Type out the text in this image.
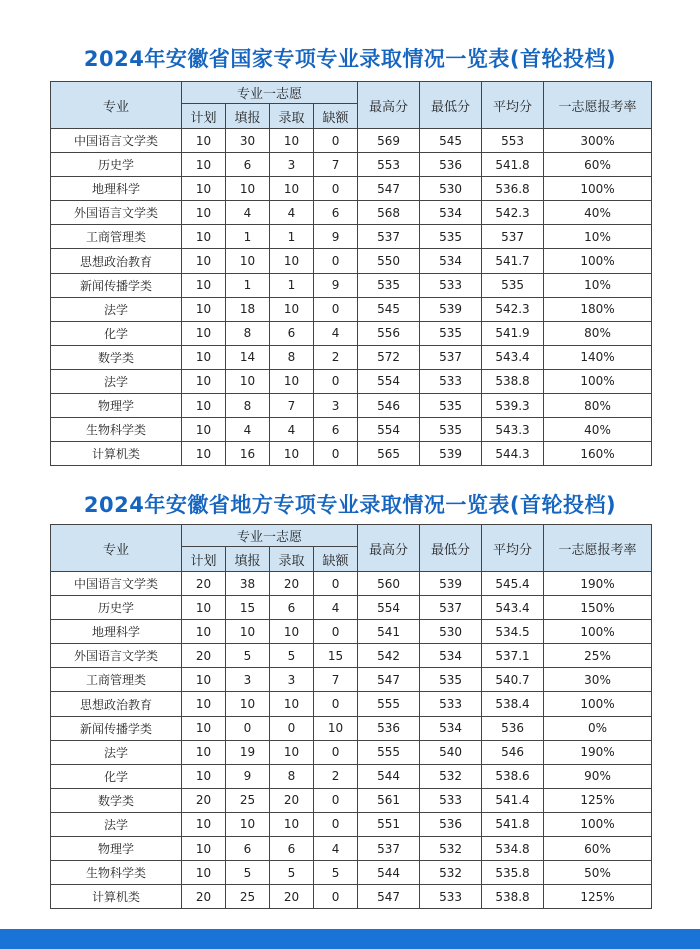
2024年安徽省国家专项专业录取情况一览表(首轮投档)
专业	专业一志愿				最高分	最低分	平均分	一志愿报考率
	计划	填报	录取	缺额				
中国语言文学类	10	30	10	0	569	545	553	300%
历史学	10	6	3	7	553	536	541.8	60%
地理科学	10	10	10	0	547	530	536.8	100%
外国语言文学类	10	4	4	6	568	534	542.3	40%
工商管理类	10	1	1	9	537	535	537	10%
思想政治教育	10	10	10	0	550	534	541.7	100%
新闻传播学类	10	1	1	9	535	533	535	10%
法学	10	18	10	0	545	539	542.3	180%
化学	10	8	6	4	556	535	541.9	80%
数学类	10	14	8	2	572	537	543.4	140%
法学	10	10	10	0	554	533	538.8	100%
物理学	10	8	7	3	546	535	539.3	80%
生物科学类	10	4	4	6	554	535	543.3	40%
计算机类	10	16	10	0	565	539	544.3	160%
2024年安徽省地方专项专业录取情况一览表(首轮投档)
专业	专业一志愿				最高分	最低分	平均分	一志愿报考率
	计划	填报	录取	缺额				
中国语言文学类	20	38	20	0	560	539	545.4	190%
历史学	10	15	6	4	554	537	543.4	150%
地理科学	10	10	10	0	541	530	534.5	100%
外国语言文学类	20	5	5	15	542	534	537.1	25%
工商管理类	10	3	3	7	547	535	540.7	30%
思想政治教育	10	10	10	0	555	533	538.4	100%
新闻传播学类	10	0	0	10	536	534	536	0%
法学	10	19	10	0	555	540	546	190%
化学	10	9	8	2	544	532	538.6	90%
数学类	20	25	20	0	561	533	541.4	125%
法学	10	10	10	0	551	536	541.8	100%
物理学	10	6	6	4	537	532	534.8	60%
生物科学类	10	5	5	5	544	532	535.8	50%
计算机类	20	25	20	0	547	533	538.8	125%
